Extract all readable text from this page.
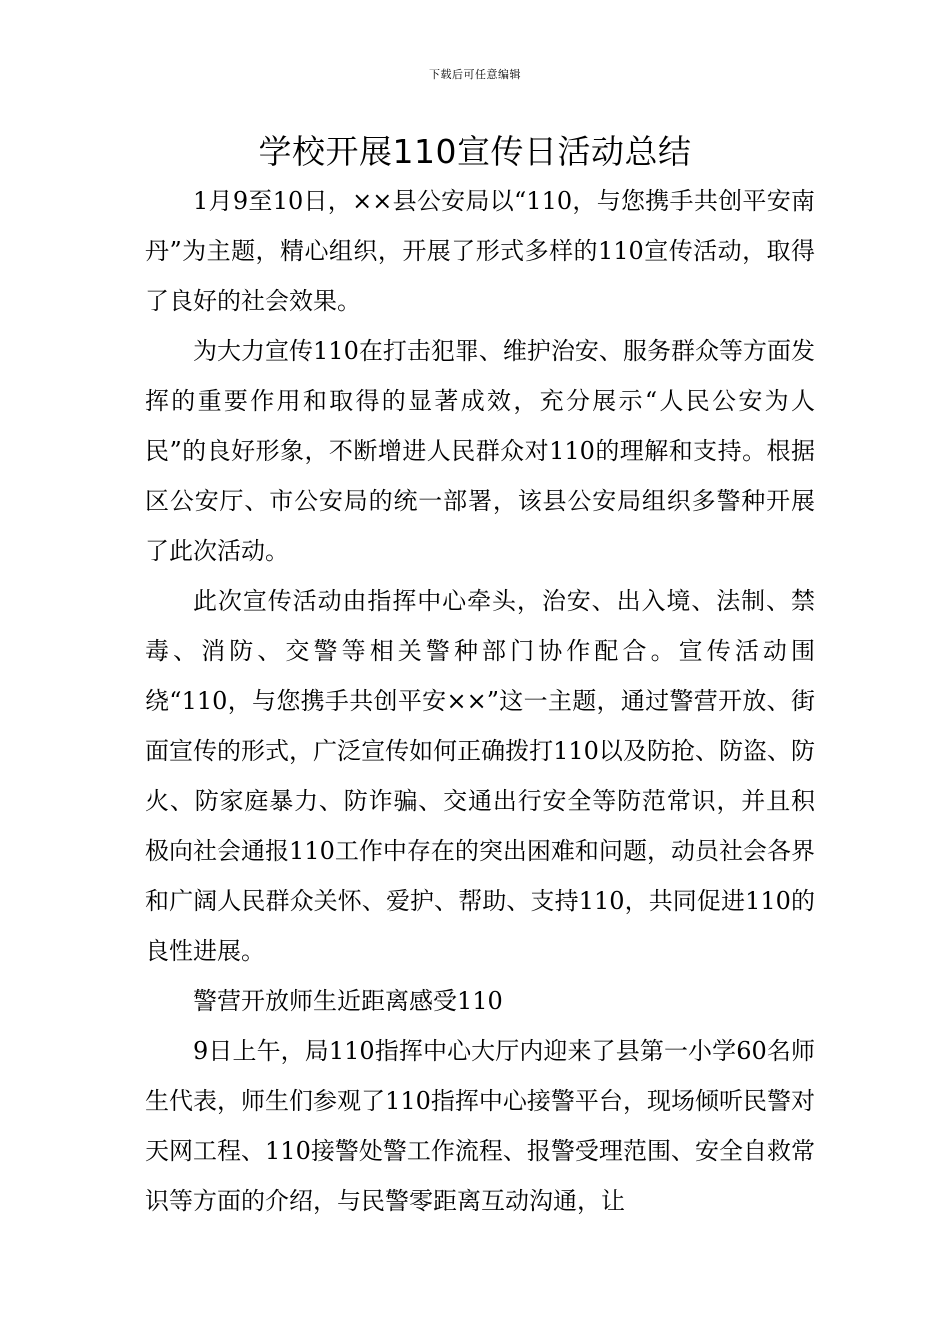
下载后可任意编辑
学校开展110宣传日活动总结

1月9至10日，××县公安局以“110，与您携手共创平安南丹”为主题，精心组织，开展了形式多样的110宣传活动，取得了良好的社会效果。

为大力宣传110在打击犯罪、维护治安、服务群众等方面发挥的重要作用和取得的显著成效，充分展示“人民公安为人民”的良好形象，不断增进人民群众对110的理解和支持。根据区公安厅、市公安局的统一部署，该县公安局组织多警种开展了此次活动。

此次宣传活动由指挥中心牵头，治安、出入境、法制、禁毒、消防、交警等相关警种部门协作配合。宣传活动围绕“110，与您携手共创平安××”这一主题，通过警营开放、街面宣传的形式，广泛宣传如何正确拨打110以及防抢、防盗、防火、防家庭暴力、防诈骗、交通出行安全等防范常识，并且积极向社会通报110工作中存在的突出困难和问题，动员社会各界和广阔人民群众关怀、爱护、帮助、支持110，共同促进110的良性进展。

警营开放师生近距离感受110

9日上午，局110指挥中心大厅内迎来了县第一小学60名师生代表，师生们参观了110指挥中心接警平台，现场倾听民警对天网工程、110接警处警工作流程、报警受理范围、安全自救常识等方面的介绍，与民警零距离互动沟通，让
